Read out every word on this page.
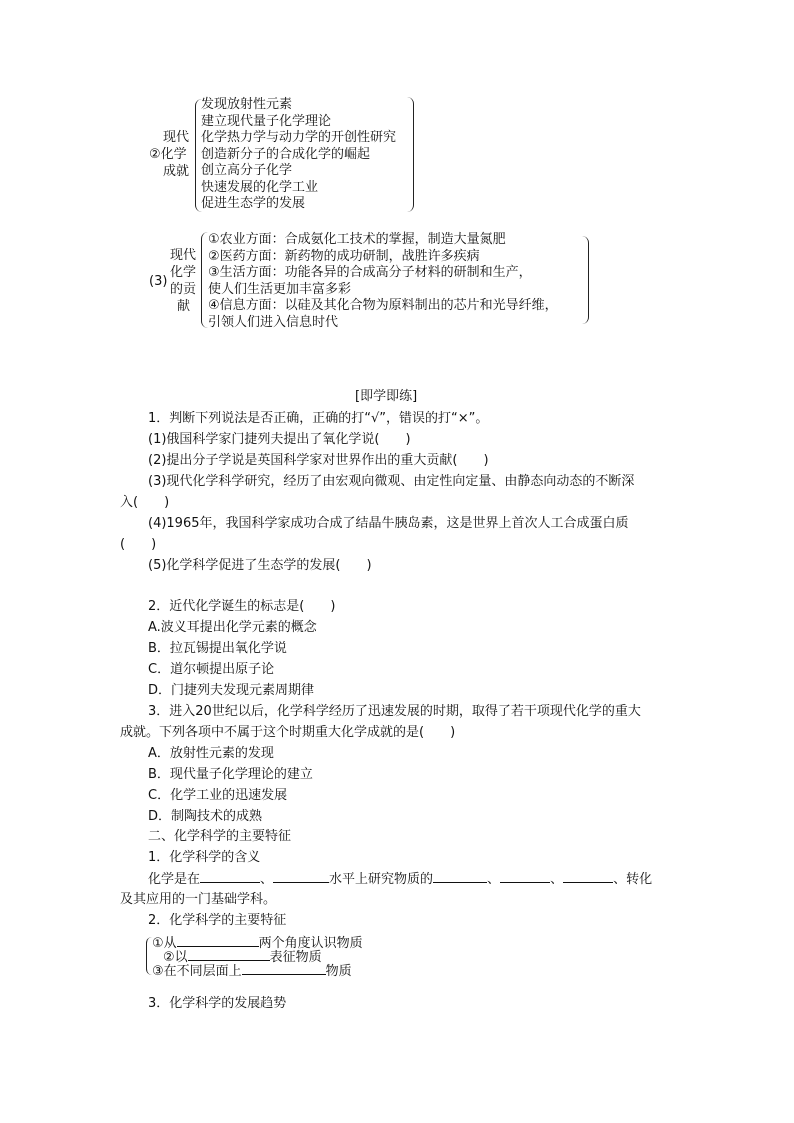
现代
②化学
成就
发现放射性元素
建立现代量子化学理论
化学热力学与动力学的开创性研究
创造新分子的合成化学的崛起
创立高分子化学
快速发展的化学工业
促进生态学的发展
(3)
现代
化学
的贡
献
①农业方面：合成氨化工技术的掌握，制造大量氮肥
②医药方面：新药物的成功研制，战胜许多疾病
③生活方面：功能各异的合成高分子材料的研制和生产，
使人们生活更加丰富多彩
④信息方面：以硅及其化合物为原料制出的芯片和光导纤维，
引领人们进入信息时代
[即学即练]
1．判断下列说法是否正确，正确的打“√”，错误的打“×”。
(1)俄国科学家门捷列夫提出了氧化学说(　　)
(2)提出分子学说是英国科学家对世界作出的重大贡献(　　)
(3)现代化学科学研究，经历了由宏观向微观、由定性向定量、由静态向动态的不断深
入(　　)
(4)1965年，我国科学家成功合成了结晶牛胰岛素，这是世界上首次人工合成蛋白质
(　　)
(5)化学科学促进了生态学的发展(　　)
2．近代化学诞生的标志是(　　)
A.波义耳提出化学元素的概念
B．拉瓦锡提出氧化学说
C．道尔顿提出原子论
D．门捷列夫发现元素周期律
3．进入20世纪以后，化学科学经历了迅速发展的时期，取得了若干项现代化学的重大
成就。下列各项中不属于这个时期重大化学成就的是(　　)
A．放射性元素的发现
B．现代量子化学理论的建立
C．化学工业的迅速发展
D．制陶技术的成熟
二、化学科学的主要特征
1．化学科学的含义
化学是在	、	水平上研究物质的	、	、	、转化
及其应用的一门基础学科。
2．化学科学的主要特征
①从	两个角度认识物质
②以	表征物质
③在不同层面上	物质
3．化学科学的发展趋势
